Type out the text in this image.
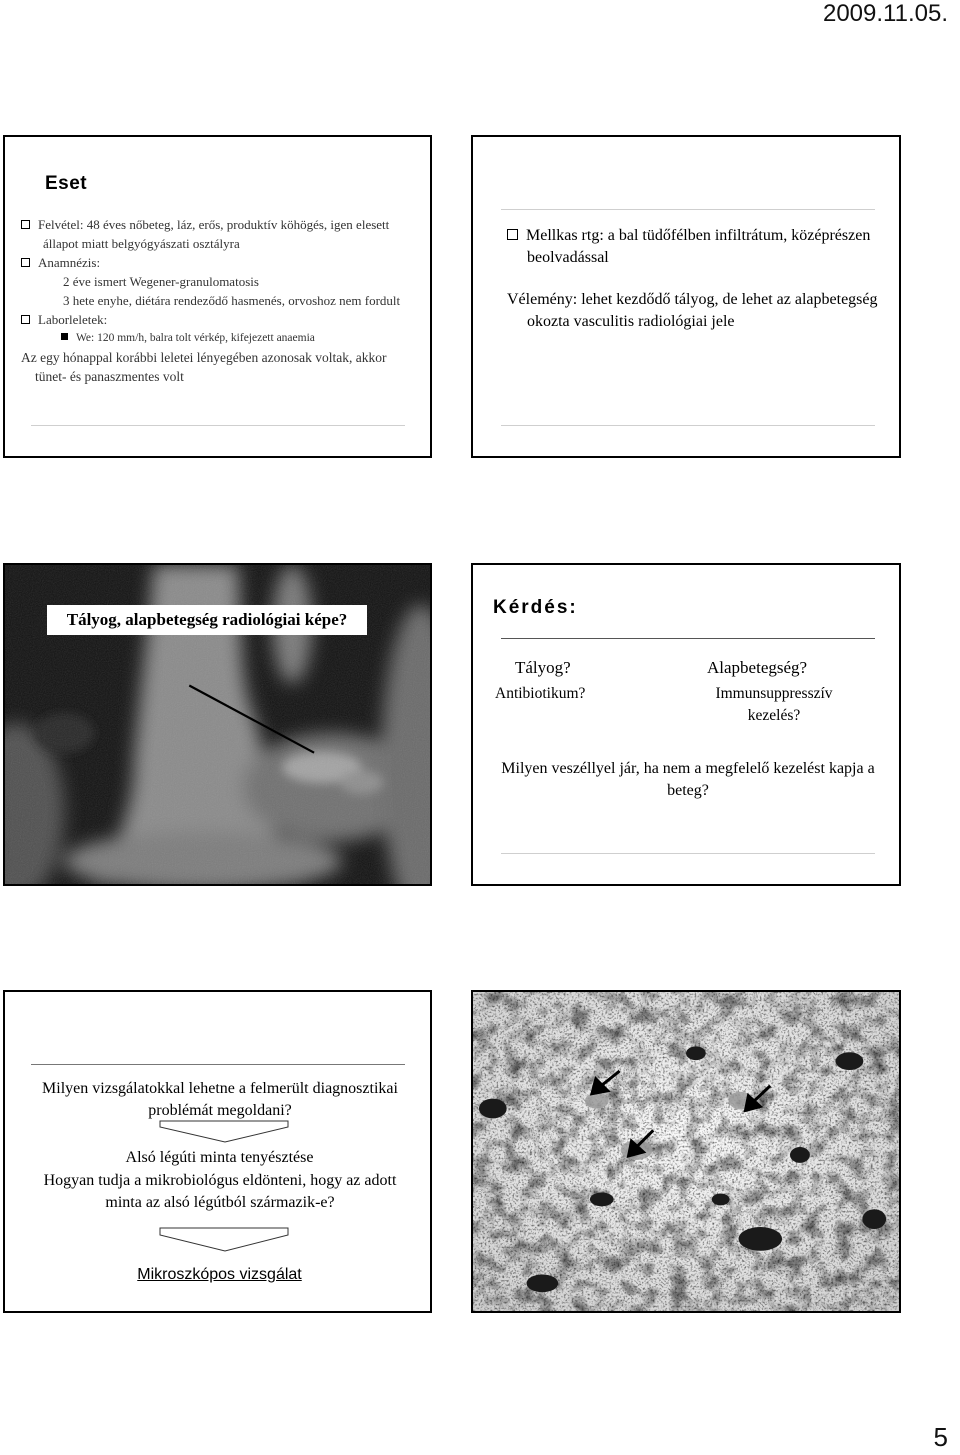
2009.11.05.
Eset
Felvétel: 48 éves nőbeteg, láz, erős, produktív köhögés, igen elesett állapot miatt belgyógyászati osztályra
Anamnézis:
2 éve ismert Wegener-granulomatosis
3 hete enyhe, diétára rendeződő hasmenés, orvoshoz nem fordult
Laborleletek:
We: 120 mm/h, balra tolt vérkép, kifejezett anaemia
Az egy hónappal korábbi leletei lényegében azonosak voltak, akkor tünet- és panaszmentes volt
Mellkas rtg: a bal tüdőfélben infiltrátum, középrészen beolvadással
Vélemény: lehet kezdődő tályog, de lehet az alapbetegség okozta vasculitis radiológiai jele
Tályog, alapbetegség radiológiai képe?
Kérdés:
Tályog?	Alapbetegség?
Antibiotikum?	Immunsuppresszív
kezelés?
Milyen veszéllyel jár, ha nem a megfelelő kezelést kapja a beteg?
Milyen vizsgálatokkal lehetne a felmerült diagnosztikai problémát megoldani?
Alsó légúti minta tenyésztése
Hogyan tudja a mikrobiológus eldönteni, hogy az adott minta az alsó légútból származik-e?
Mikroszkópos vizsgálat
5
